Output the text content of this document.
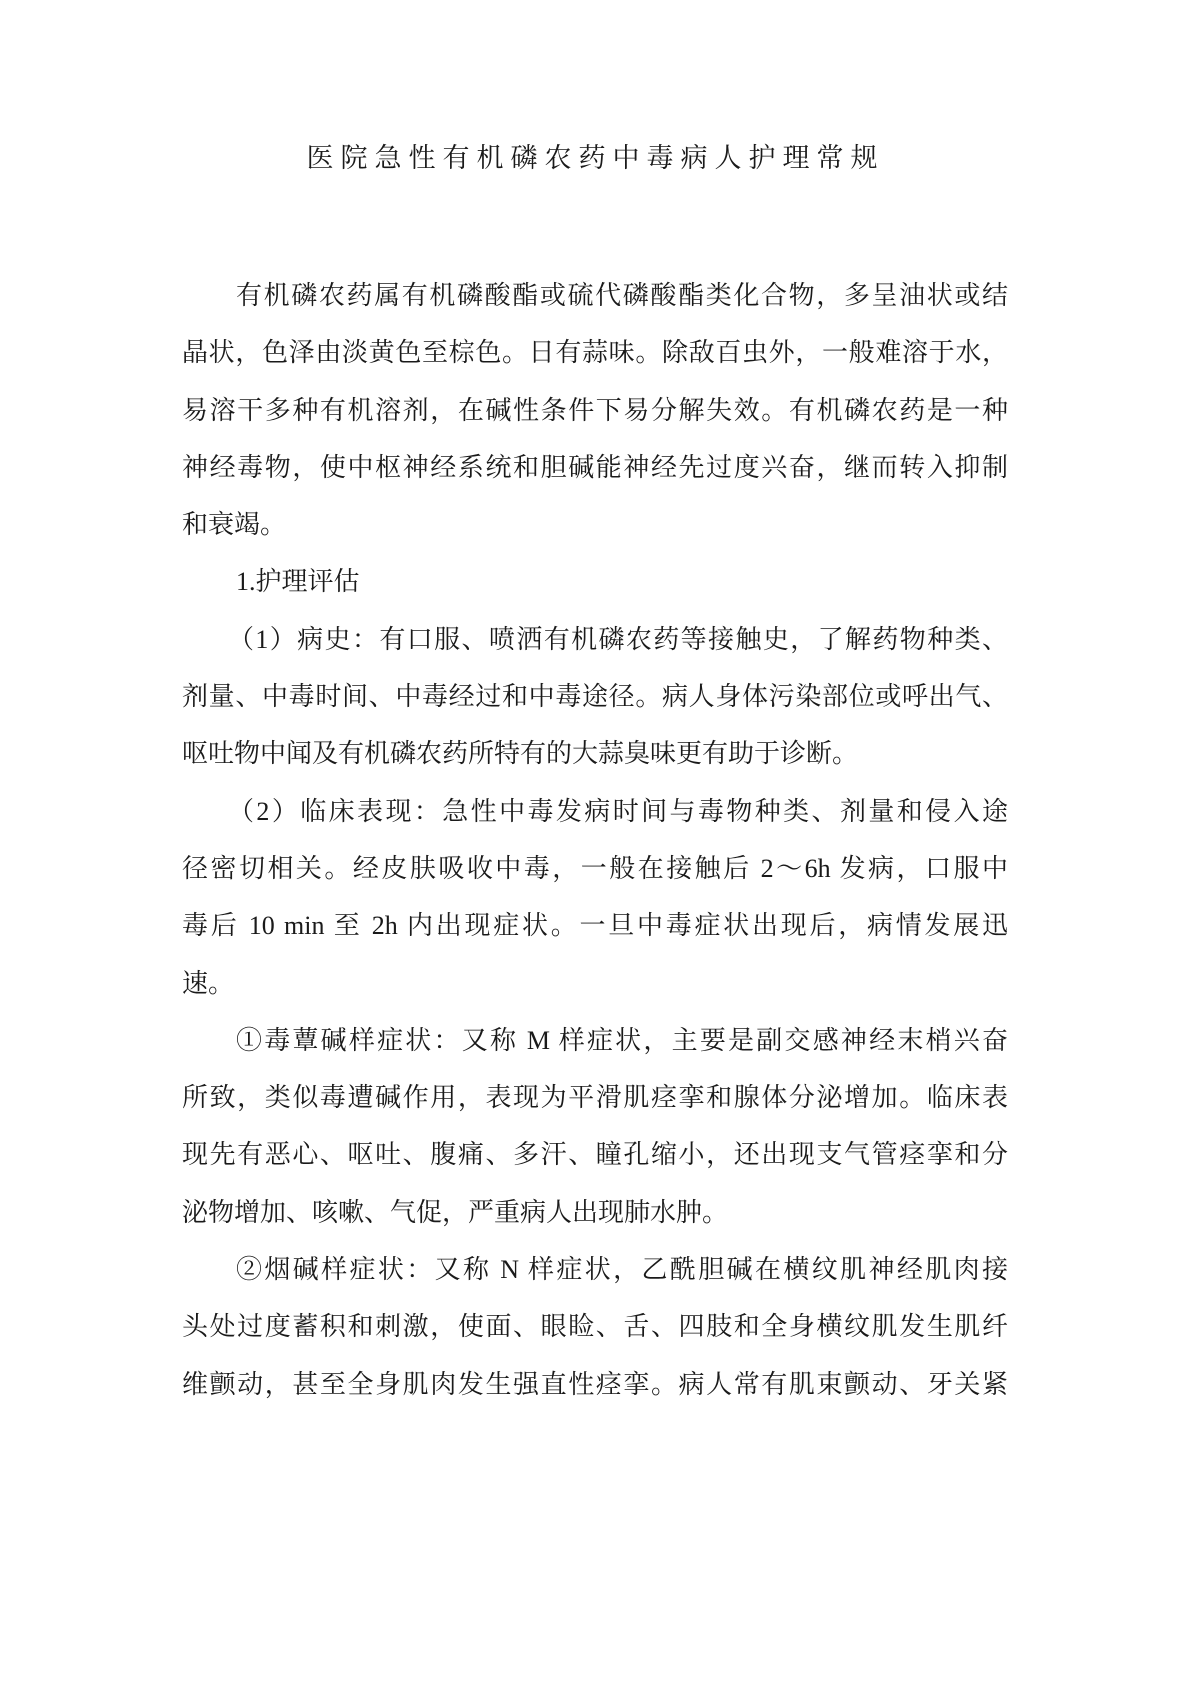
医院急性有机磷农药中毒病人护理常规
有机磷农药属有机磷酸酯或硫代磷酸酯类化合物，多呈油状或结
晶状，色泽由淡黄色至棕色。日有蒜味。除敌百虫外，一般难溶于水，
易溶干多种有机溶剂，在碱性条件下易分解失效。有机磷农药是一种
神经毒物，使中枢神经系统和胆碱能神经先过度兴奋，继而转入抑制
和衰竭。
1.护理评估
（1）病史：有口服、喷洒有机磷农药等接触史，了解药物种类、
剂量、中毒时间、中毒经过和中毒途径。病人身体污染部位或呼出气、
呕吐物中闻及有机磷农药所特有的大蒜臭味更有助于诊断。
（2）临床表现：急性中毒发病时间与毒物种类、剂量和侵入途
径密切相关。经皮肤吸收中毒，一般在接触后 2～6h 发病，口服中
毒后 10 min 至 2h 内出现症状。一旦中毒症状出现后，病情发展迅
速。
①毒蕈碱样症状：又称 M 样症状，主要是副交感神经末梢兴奋
所致，类似毒遭碱作用，表现为平滑肌痉挛和腺体分泌增加。临床表
现先有恶心、呕吐、腹痛、多汗、瞳孔缩小，还出现支气管痉挛和分
泌物增加、咳嗽、气促，严重病人出现肺水肿。
②烟碱样症状：又称 N 样症状，乙酰胆碱在横纹肌神经肌肉接
头处过度蓄积和刺激，使面、眼睑、舌、四肢和全身横纹肌发生肌纤
维颤动，甚至全身肌肉发生强直性痉挛。病人常有肌束颤动、牙关紧
